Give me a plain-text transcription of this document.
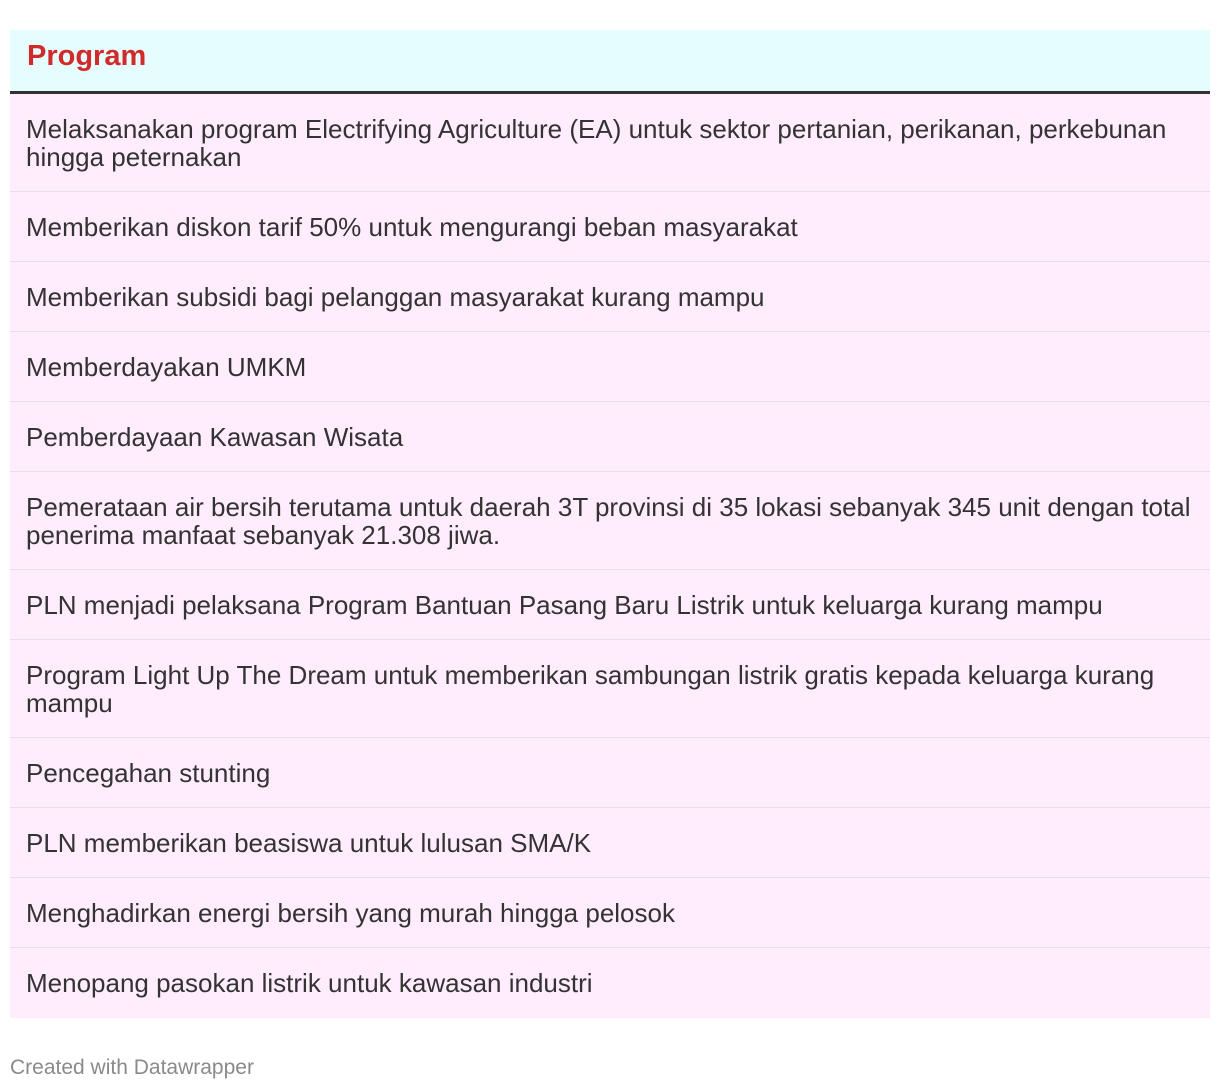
Program
Melaksanakan program Electrifying Agriculture (EA) untuk sektor pertanian, perikanan, perkebunan hingga peternakan
Memberikan diskon tarif 50% untuk mengurangi beban masyarakat
Memberikan subsidi bagi pelanggan masyarakat kurang mampu
Memberdayakan UMKM
Pemberdayaan Kawasan Wisata
Pemerataan air bersih terutama untuk daerah 3T provinsi di 35 lokasi sebanyak 345 unit dengan total penerima manfaat sebanyak 21.308 jiwa.
PLN menjadi pelaksana Program Bantuan Pasang Baru Listrik untuk keluarga kurang mampu
Program Light Up The Dream untuk memberikan sambungan listrik gratis kepada keluarga kurang mampu
Pencegahan stunting
PLN memberikan beasiswa untuk lulusan SMA/K
Menghadirkan energi bersih yang murah hingga pelosok
Menopang pasokan listrik untuk kawasan industri
Created with Datawrapper
